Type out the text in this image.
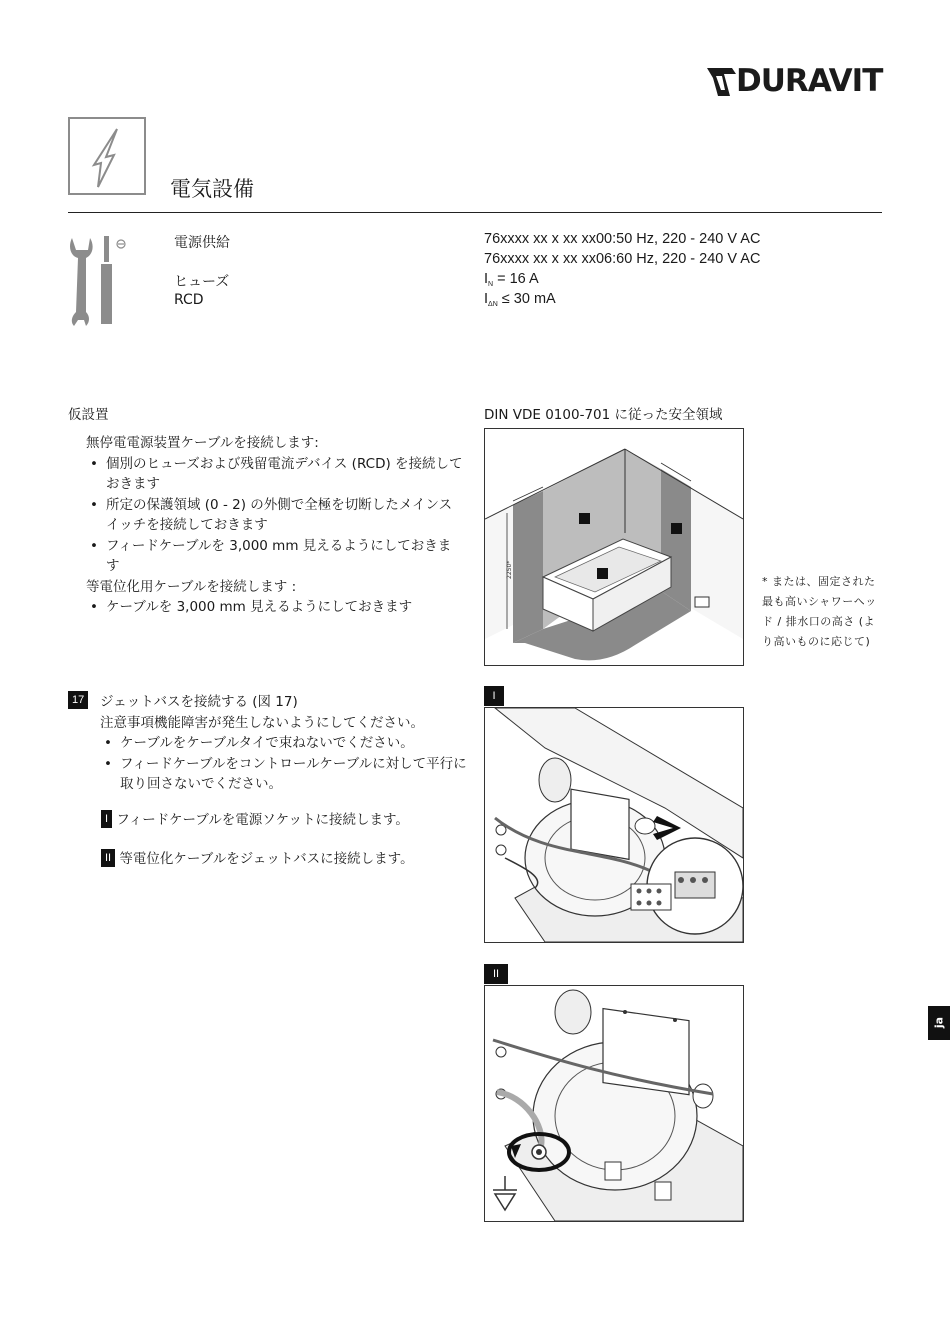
DURAVIT
電気設備
電源供給
ヒューズ
RCD
76xxxx xx x xx xx00:50 Hz, 220 - 240 V AC
76xxxx xx x xx xx06:60 Hz, 220 - 240 V AC
$I_N = 16$ A
$I_{\Delta N} \le 30$ mA
仮設置

無停電電源装置ケーブルを接続します:

• 個別のヒューズおよび残留電流デバイス (RCD) を接続しておきます

• 所定の保護領域 (0 - 2) の外側で全極を切断したメインスイッチを接続しておきます

• フィードケーブルを 3,000 mm 見えるようにしておきます

等電位化用ケーブルを接続します :

• ケーブルを 3,000 mm 見えるようにしておきます

DIN VDE 0100-701 に従った安全領域
2250*
* または、固定された最も高いシャワーヘッド / 排水口の高さ (より高いものに応じて)
17 ジェットバスを接続する (図 17)

注意事項機能障害が発生しないようにしてください。

• ケーブルをケーブルタイで束ねないでください。

• フィードケーブルをコントロールケーブルに対して平行に取り回さないでください。

I フィードケーブルを電源ソケットに接続します。
II 等電位化ケーブルをジェットバスに接続します。
I
II
ja
